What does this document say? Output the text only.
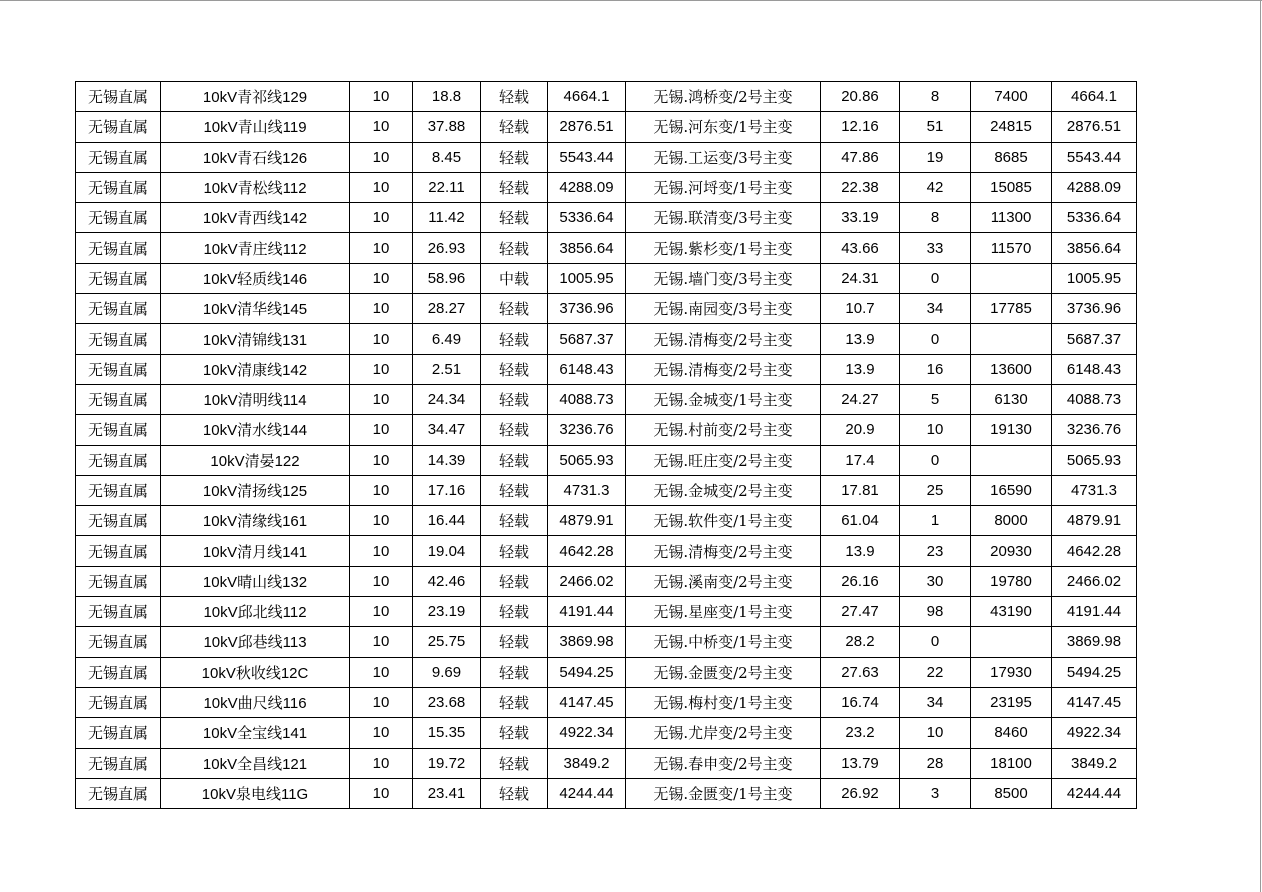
无锡直属	10kV青祁线129	10	18.8	轻载	4664.1	无锡.鸿桥变/2号主变	20.86	8	7400	4664.1
无锡直属	10kV青山线119	10	37.88	轻载	2876.51	无锡.河东变/1号主变	12.16	51	24815	2876.51
无锡直属	10kV青石线126	10	8.45	轻载	5543.44	无锡.工运变/3号主变	47.86	19	8685	5543.44
无锡直属	10kV青松线112	10	22.11	轻载	4288.09	无锡.河埒变/1号主变	22.38	42	15085	4288.09
无锡直属	10kV青西线142	10	11.42	轻载	5336.64	无锡.联清变/3号主变	33.19	8	11300	5336.64
无锡直属	10kV青庄线112	10	26.93	轻载	3856.64	无锡.紫杉变/1号主变	43.66	33	11570	3856.64
无锡直属	10kV轻质线146	10	58.96	中载	1005.95	无锡.墙门变/3号主变	24.31	0		1005.95
无锡直属	10kV清华线145	10	28.27	轻载	3736.96	无锡.南园变/3号主变	10.7	34	17785	3736.96
无锡直属	10kV清锦线131	10	6.49	轻载	5687.37	无锡.清梅变/2号主变	13.9	0		5687.37
无锡直属	10kV清康线142	10	2.51	轻载	6148.43	无锡.清梅变/2号主变	13.9	16	13600	6148.43
无锡直属	10kV清明线114	10	24.34	轻载	4088.73	无锡.金城变/1号主变	24.27	5	6130	4088.73
无锡直属	10kV清水线144	10	34.47	轻载	3236.76	无锡.村前变/2号主变	20.9	10	19130	3236.76
无锡直属	10kV清晏122	10	14.39	轻载	5065.93	无锡.旺庄变/2号主变	17.4	0		5065.93
无锡直属	10kV清扬线125	10	17.16	轻载	4731.3	无锡.金城变/2号主变	17.81	25	16590	4731.3
无锡直属	10kV清缘线161	10	16.44	轻载	4879.91	无锡.软件变/1号主变	61.04	1	8000	4879.91
无锡直属	10kV清月线141	10	19.04	轻载	4642.28	无锡.清梅变/2号主变	13.9	23	20930	4642.28
无锡直属	10kV晴山线132	10	42.46	轻载	2466.02	无锡.溪南变/2号主变	26.16	30	19780	2466.02
无锡直属	10kV邱北线112	10	23.19	轻载	4191.44	无锡.星座变/1号主变	27.47	98	43190	4191.44
无锡直属	10kV邱巷线113	10	25.75	轻载	3869.98	无锡.中桥变/1号主变	28.2	0		3869.98
无锡直属	10kV秋收线12C	10	9.69	轻载	5494.25	无锡.金匮变/2号主变	27.63	22	17930	5494.25
无锡直属	10kV曲尺线116	10	23.68	轻载	4147.45	无锡.梅村变/1号主变	16.74	34	23195	4147.45
无锡直属	10kV全宝线141	10	15.35	轻载	4922.34	无锡.尤岸变/2号主变	23.2	10	8460	4922.34
无锡直属	10kV全昌线121	10	19.72	轻载	3849.2	无锡.春申变/2号主变	13.79	28	18100	3849.2
无锡直属	10kV泉电线11G	10	23.41	轻载	4244.44	无锡.金匮变/1号主变	26.92	3	8500	4244.44
